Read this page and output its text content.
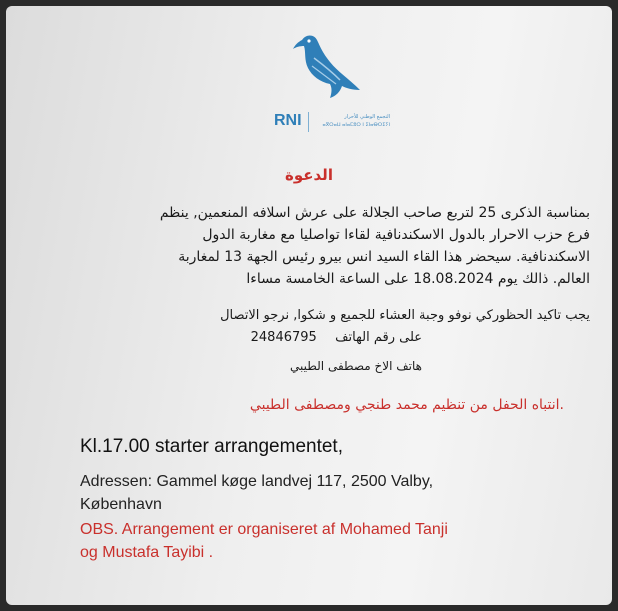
RNI	التجمع الوطني للأحرار
ⴰⴳⵔⴰⵡ ⴰⵏⴰⵎⵓⵔ ⵏ ⵉⵏⴰⴱⵔⵉⵢⵏ
الدعوة
بمناسبة الذكرى 25 لتربع صاحب الجلالة على عرش اسلافه المنعمين, ينظم
فرع حزب الاحرار بالدول الاسكندنافية لقاءا تواصليا مع مغاربة الدول
الاسكندنافية. سيحضر هذا القاء السيد انس بيرو رئيس الجهة 13 لمغاربة
العالم. ذالك يوم 18.08.2024 على الساعة الخامسة مساءا
يجب تاكيد الحظوركي نوفو وجبة العشاء للجميع و شكوا, نرجو الاتصال
على رقم الهاتف  24846795
هاتف الاخ مصطفى الطيبي
.انتباه الحفل من تنظيم محمد طنجي ومصطفى الطيبي
Kl.17.00 starter arrangementet,
Adressen: Gammel køge landvej 117, 2500 Valby,
København
OBS. Arrangement er organiseret af Mohamed Tanji
og Mustafa Tayibi .
